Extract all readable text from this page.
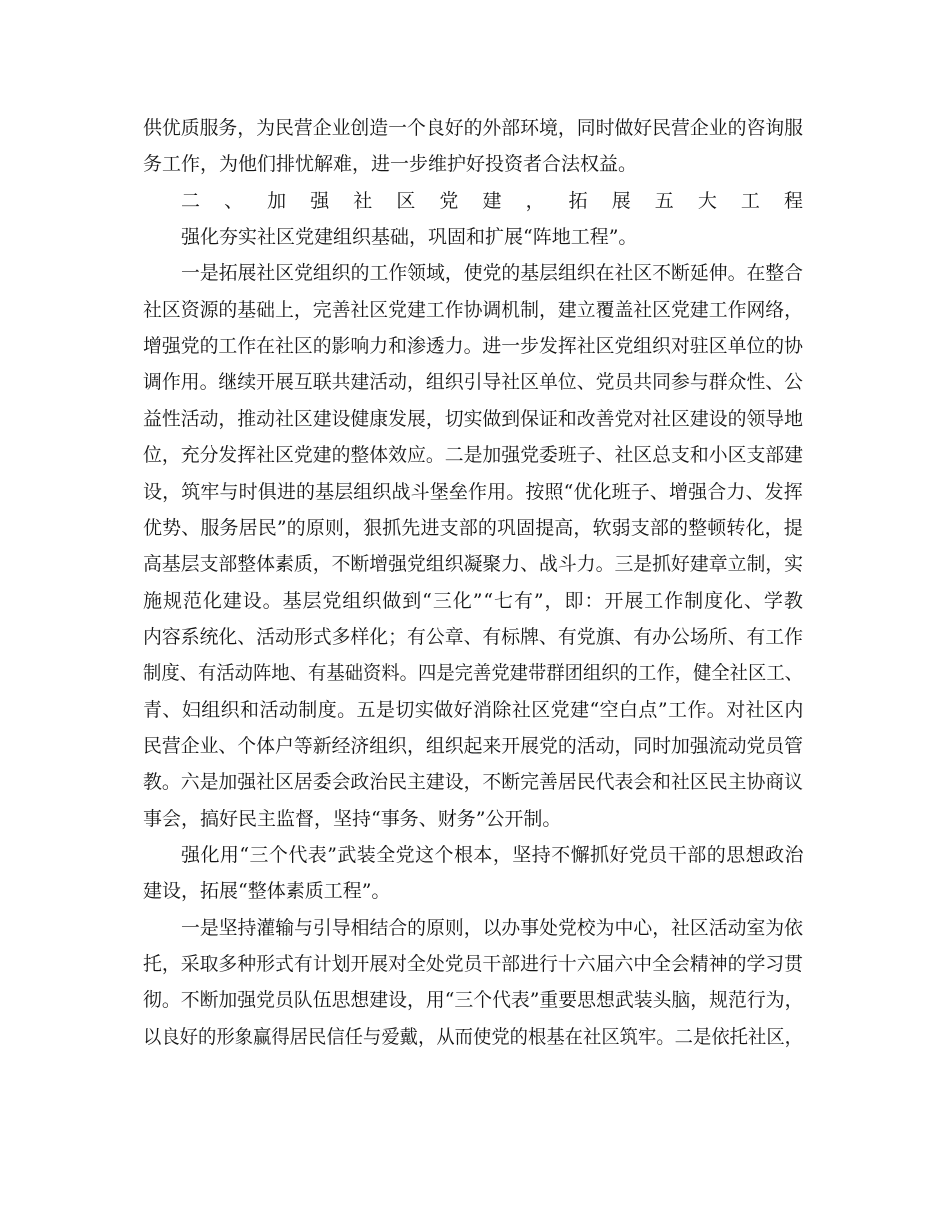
供优质服务，为民营企业创造一个良好的外部环境，同时做好民营企业的咨询服
务工作，为他们排忧解难，进一步维护好投资者合法权益。
二、加强社区党建，拓展五大工程
强化夯实社区党建组织基础，巩固和扩展“阵地工程”。
一是拓展社区党组织的工作领域，使党的基层组织在社区不断延伸。在整合
社区资源的基础上，完善社区党建工作协调机制，建立覆盖社区党建工作网络，
增强党的工作在社区的影响力和渗透力。进一步发挥社区党组织对驻区单位的协
调作用。继续开展互联共建活动，组织引导社区单位、党员共同参与群众性、公
益性活动，推动社区建设健康发展，切实做到保证和改善党对社区建设的领导地
位，充分发挥社区党建的整体效应。二是加强党委班子、社区总支和小区支部建
设，筑牢与时俱进的基层组织战斗堡垒作用。按照“优化班子、增强合力、发挥
优势、服务居民”的原则，狠抓先进支部的巩固提高，软弱支部的整顿转化，提
高基层支部整体素质，不断增强党组织凝聚力、战斗力。三是抓好建章立制，实
施规范化建设。基层党组织做到“三化”“七有”，即：开展工作制度化、学教
内容系统化、活动形式多样化；有公章、有标牌、有党旗、有办公场所、有工作
制度、有活动阵地、有基础资料。四是完善党建带群团组织的工作，健全社区工、
青、妇组织和活动制度。五是切实做好消除社区党建“空白点”工作。对社区内
民营企业、个体户等新经济组织，组织起来开展党的活动，同时加强流动党员管
教。六是加强社区居委会政治民主建设，不断完善居民代表会和社区民主协商议
事会，搞好民主监督，坚持“事务、财务”公开制。
强化用“三个代表”武装全党这个根本，坚持不懈抓好党员干部的思想政治
建设，拓展“整体素质工程”。
一是坚持灌输与引导相结合的原则，以办事处党校为中心，社区活动室为依
托，采取多种形式有计划开展对全处党员干部进行十六届六中全会精神的学习贯
彻。不断加强党员队伍思想建设，用“三个代表”重要思想武装头脑，规范行为，
以良好的形象赢得居民信任与爱戴，从而使党的根基在社区筑牢。二是依托社区，
